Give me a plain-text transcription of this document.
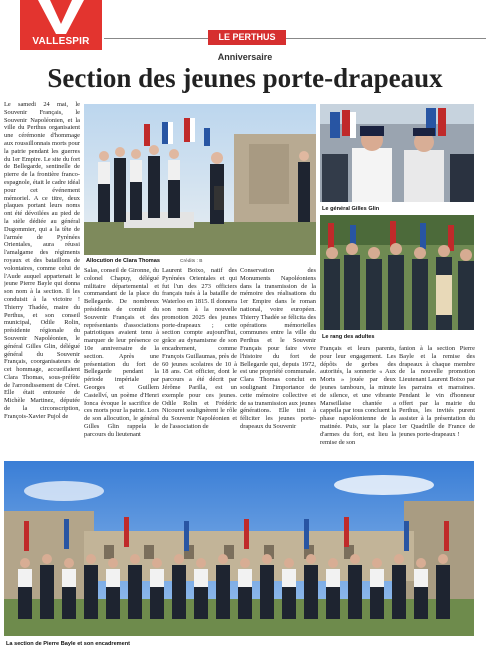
VALLESPIR	LE PERTHUS
Anniversaire
Section des jeunes porte-drapeaux
Le samedi 24 mai, le Souvenir Français, le Souvenir Napoléonien, et la ville du Perthus organisaient une cérémonie d'hommage aux roussillonnais morts pour la patrie pendant les guerres du 1er Empire. Le site du fort de Bellegarde, sentinelle de pierre de la frontière franco-espagnole, était le cadre idéal pour cet événement mémoriel. A ce titre, deux plaques portant leurs noms ont été dévoilées au pied de la stèle dédiée au général Dugommier, qui a la tête de l'armée de Pyrénées Orientales, aura réussi l'amalgame des régiments royaux et des bataillons de volontaires, comme celui de l'Aude auquel appartenait le jeune Pierre Bayle qui donna son nom à la section. Il les conduisit à la victoire ! Thierry Thadée, maire du Perthus, et son conseil municipal, Odile Rolin, présidente régionale du Souvenir Napoléonien, le général Gilles Glin, délégué général du Souvenir Français, coorganisateurs de cet hommage, accueillaient Clara Thomas, sous-préfète de l'arrondissement de Céret. Elle était entourée de Michèle Martinez, députée de la circonscription, François-Xavier Pujol de
Salas, conseil de Gironne, du colonel Chapuy, délégué militaire départemental et commandant de la place du Bellegarde. De nombreux présidents de comité du Souvenir Français et des représentants d'associations patriotiques avaient tenu à marquer de leur présence ce 10e anniversaire de la section. Après une présentation du fort de Bellegarde pendant la période impériale par Georges et Guillem Castellví, un poème d'Henri Ionca évoque le sacrifice de ces morts pour la patrie. Lors de son allocution, le général Gilles Glin rappela le parcours du lieutenant
Laurent Boixo, natif des Pyrénées Orientales et qui fut l'un des 273 officiers français tués à la bataille de Waterloo en 1815. Il donnera son nom à la nouvelle promotion 2025 des jeunes porte-drapeaux ; cette section compte aujourd'hui, grâce au dynamisme de son encadrement, comme François Guillaumas, près de 60 jeunes scolaires de 10 à 18 ans. Cet officier, dont le parcours a été décrit par Jérôme Parilla, est un exemple pour ces jeunes. Odile Rolin et Frédéric Nicouret soulignèrent le rôle du Souvenir Napoléonien et de l'association de
Conservation des Monuments Napoléoniens dans la transmission de la mémoire des réalisations du 1er Empire dans le roman national, voire européen. Thierry Thadée se félicita des opérations mémorielles communes entre la ville du Perthus et le Souvenir Français pour faire vivre l'histoire du fort de Bellegarde qui, depuis 1972, est une propriété communale. Clara Thomas conclut en soulignant l'importance de cette mémoire collective et de sa transmission aux jeunes générations. Elle tint à féliciter les jeunes porte-drapeaux du Souvenir
Français et leurs parents, pour leur engagement. Les dépôts de gerbes des autorités, la sonnerie « Aux Morts » jouée par deux jeunes tambours, la minute de silence, et une vibrante Marseillaise chantée a cappella par tous concluent la phase napoléonienne de la matinée. Puis, sur la place d'armes du fort, est lieu la remise de son
fanion à la section Pierre Bayle et la remise des drapeaux à chaque membre de la nouvelle promotion Lieutenant Laurent Boixo par les parrains et marraines. Pendant le vin d'honneur offert par la mairie du Perthus, les invités purent assister à la présentation du 1er Quadrille de France de jeunes porte-drapeaux !
Allocution de Clara Thomas	Crédits : B
Le général Gilles Glin
Le rang des adultes
La section de Pierre Bayle et son encadrement
